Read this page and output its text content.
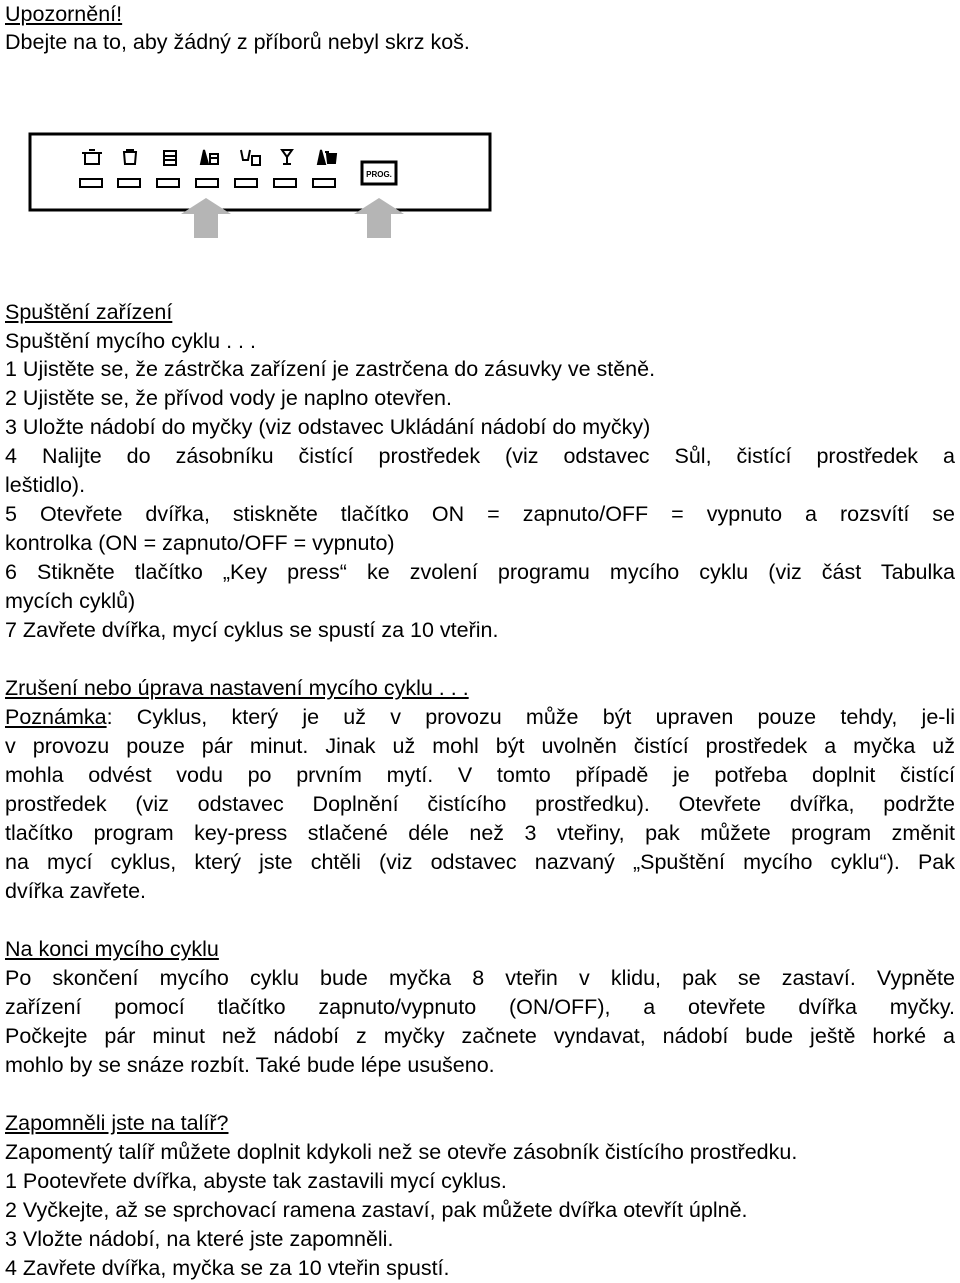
Upozornění!
Dbejte na to, aby žádný z příborů nebyl skrz koš.
Spuštění zařízení
Spuštění mycího cyklu . . .
1 Ujistěte se, že zástrčka zařízení je zastrčena do zásuvky ve stěně.
2 Ujistěte se, že přívod vody je naplno otevřen.
3 Uložte nádobí do myčky (viz odstavec Ukládání nádobí do myčky)
4 Nalijte do zásobníku čistící prostředek (viz odstavec Sůl, čistící prostředek a
leštidlo).
5 Otevřete dvířka, stiskněte tlačítko ON = zapnuto/OFF = vypnuto a rozsvítí se
kontrolka (ON = zapnuto/OFF = vypnuto)
6 Stikněte tlačítko „Key press“ ke zvolení programu mycího cyklu (viz část Tabulka
mycích cyklů)
7 Zavřete dvířka, mycí cyklus se spustí za 10 vteřin.
Zrušení nebo úprava nastavení mycího cyklu . . .
Poznámka: Cyklus, který je už v provozu může být upraven pouze tehdy, je-li
v provozu pouze pár minut. Jinak už mohl být uvolněn čistící prostředek a myčka už
mohla odvést vodu po prvním mytí. V tomto případě je potřeba doplnit čistící
prostředek (viz odstavec Doplnění čistícího prostředku). Otevřete dvířka, podržte
tlačítko program key-press stlačené déle než 3 vteřiny, pak můžete program změnit
na mycí cyklus, který jste chtěli (viz odstavec nazvaný „Spuštění mycího cyklu“). Pak
dvířka zavřete.
Na konci mycího cyklu
Po skončení mycího cyklu bude myčka 8 vteřin v klidu, pak se zastaví. Vypněte
zařízení pomocí tlačítko zapnuto/vypnuto (ON/OFF), a otevřete dvířka myčky.
Počkejte pár minut než nádobí z myčky začnete vyndavat, nádobí bude ještě horké a
mohlo by se snáze rozbít. Také bude lépe usušeno.
Zapomněli jste na talíř?
Zapomentý talíř můžete doplnit kdykoli než se otevře zásobník čistícího prostředku.
1 Pootevřete dvířka, abyste tak zastavili mycí cyklus.
2 Vyčkejte, až se sprchovací ramena zastaví, pak můžete dvířka otevřít úplně.
3 Vložte nádobí, na které jste zapomněli.
4 Zavřete dvířka, myčka se za 10 vteřin spustí.
PROG.
